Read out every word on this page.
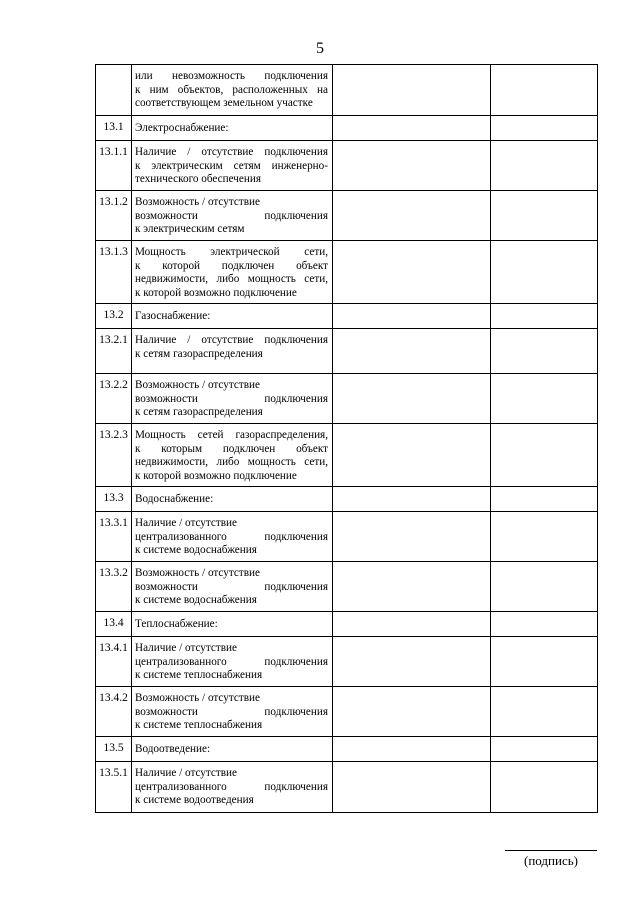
5

	или невозможность подключения
к ним объектов, расположенных на
соответствующем земельном участке		

13.1	Электроснабжение:		

13.1.1	Наличие / отсутствие подключения
к электрическим сетям инженерно-
технического обеспечения		

13.1.2	Возможность / отсутствие
возможности подключения
к электрическим сетям		

13.1.3	Мощность электрической сети,
к которой подключен объект
недвижимости, либо мощность сети,
к которой возможно подключение		

13.2	Газоснабжение:		

13.2.1	Наличие / отсутствие подключения
к сетям газораспределения		

13.2.2	Возможность / отсутствие
возможности подключения
к сетям газораспределения		

13.2.3	Мощность сетей газораспределения,
к которым подключен объект
недвижимости, либо мощность сети,
к которой возможно подключение		

13.3	Водоснабжение:		

13.3.1	Наличие / отсутствие
централизованного подключения
к системе водоснабжения		

13.3.2	Возможность / отсутствие
возможности подключения
к системе водоснабжения		

13.4	Теплоснабжение:		

13.4.1	Наличие / отсутствие
централизованного подключения
к системе теплоснабжения		

13.4.2	Возможность / отсутствие
возможности подключения
к системе теплоснабжения		

13.5	Водоотведение:		

13.5.1	Наличие / отсутствие
централизованного подключения
к системе водоотведения		

(подпись)
